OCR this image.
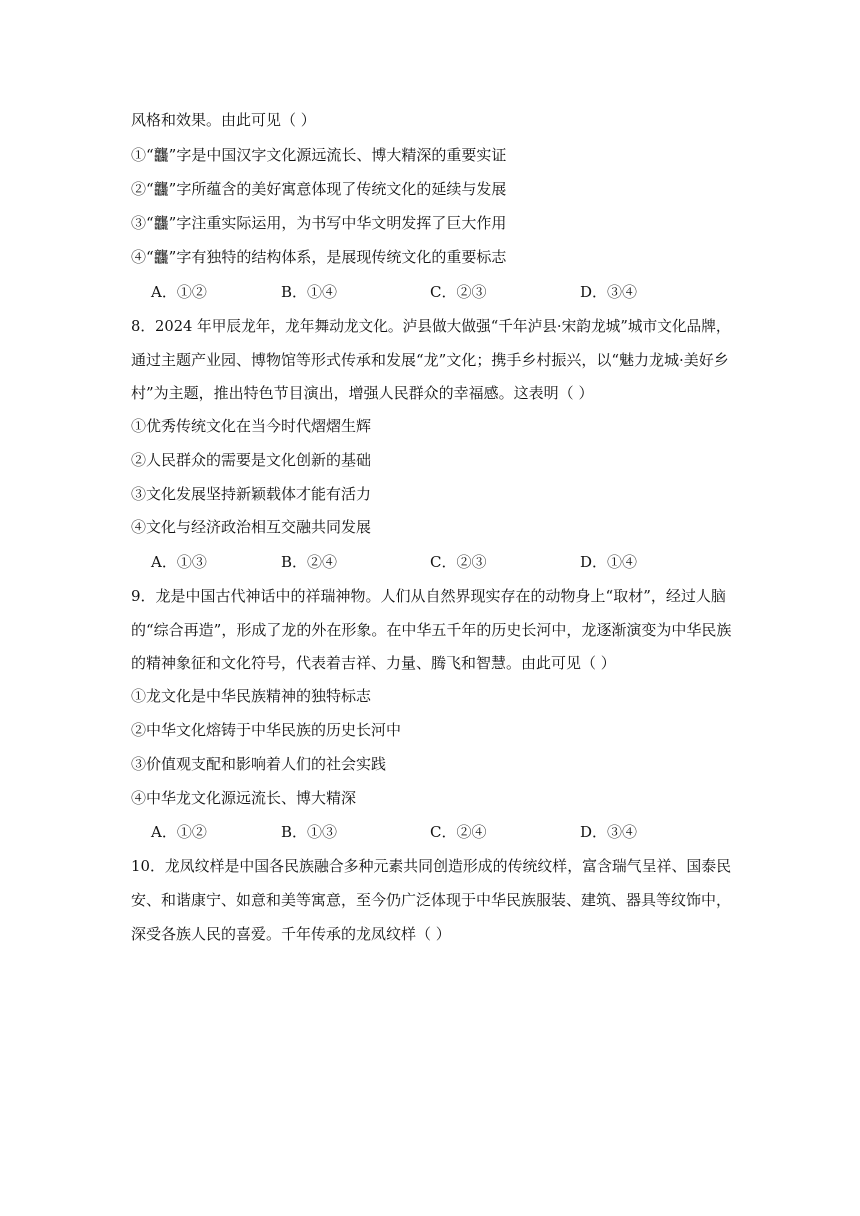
风格和效果。由此可见（ ）
①“龘”字是中国汉字文化源远流长、博大精深的重要实证
②“龘”字所蕴含的美好寓意体现了传统文化的延续与发展
③“龘”字注重实际运用，为书写中华文明发挥了巨大作用
④“龘”字有独特的结构体系，是展现传统文化的重要标志
A．①②	B．①④	C．②③	D．③④
8．2024 年甲辰龙年，龙年舞动龙文化。泸县做大做强“千年泸县·宋韵龙城”城市文化品牌，
通过主题产业园、博物馆等形式传承和发展“龙”文化；携手乡村振兴，以“魅力龙城·美好乡
村”为主题，推出特色节目演出，增强人民群众的幸福感。这表明（ ）
①优秀传统文化在当今时代熠熠生辉
②人民群众的需要是文化创新的基础
③文化发展坚持新颖载体才能有活力
④文化与经济政治相互交融共同发展
A．①③	B．②④	C．②③	D．①④
9．龙是中国古代神话中的祥瑞神物。人们从自然界现实存在的动物身上“取材”，经过人脑
的“综合再造”，形成了龙的外在形象。在中华五千年的历史长河中，龙逐渐演变为中华民族
的精神象征和文化符号，代表着吉祥、力量、腾飞和智慧。由此可见（ ）
①龙文化是中华民族精神的独特标志
②中华文化熔铸于中华民族的历史长河中
③价值观支配和影响着人们的社会实践
④中华龙文化源远流长、博大精深
A．①②	B．①③	C．②④	D．③④
10．龙凤纹样是中国各民族融合多种元素共同创造形成的传统纹样，富含瑞气呈祥、国泰民
安、和谐康宁、如意和美等寓意，至今仍广泛体现于中华民族服装、建筑、器具等纹饰中，
深受各族人民的喜爱。千年传承的龙凤纹样（ ）
